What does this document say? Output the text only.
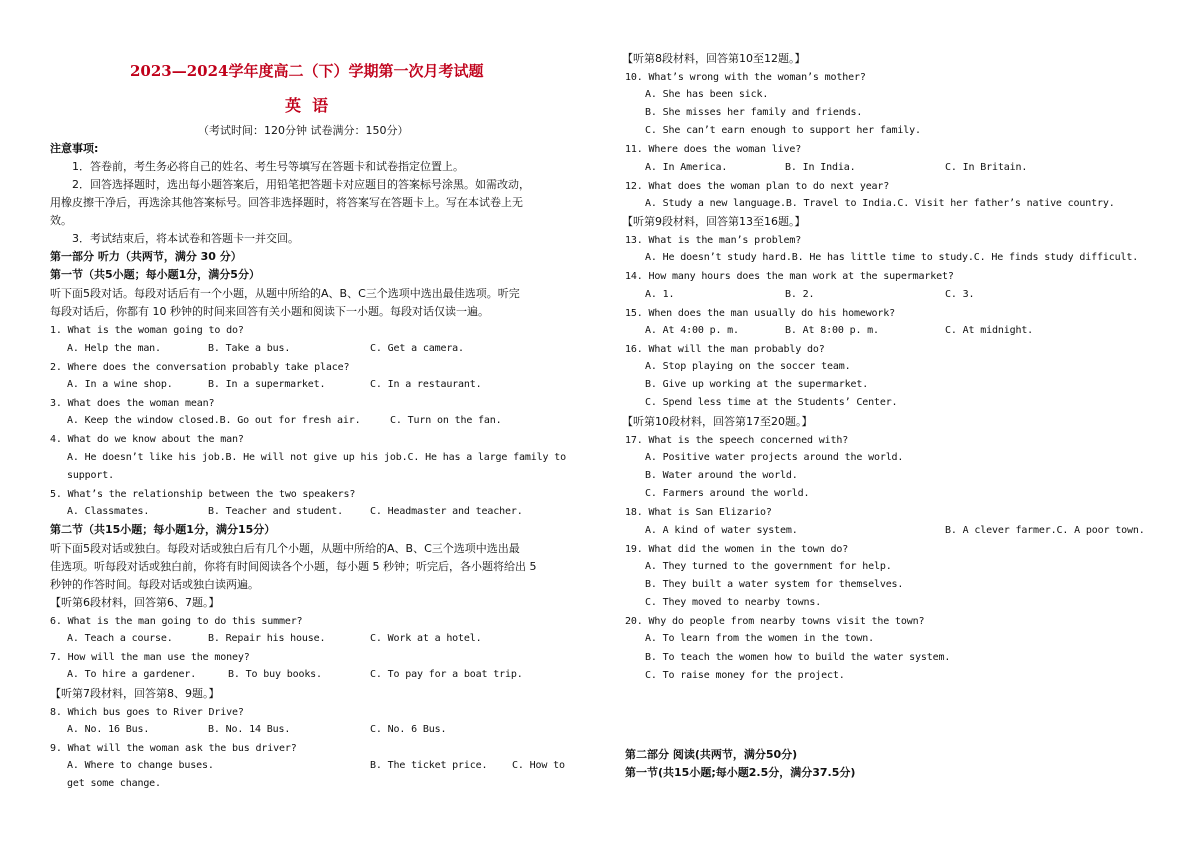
2023—2024学年度高二（下）学期第一次月考试题
英  语
（考试时间：120分钟 试卷满分：150分）
注意事项:
1．答卷前，考生务必将自己的姓名、考生号等填写在答题卡和试卷指定位置上。
2．回答选择题时，选出每小题答案后，用铅笔把答题卡对应题目的答案标号涂黑。如需改动，
用橡皮擦干净后，再选涂其他答案标号。回答非选择题时，将答案写在答题卡上。写在本试卷上无
效。
3．考试结束后，将本试卷和答题卡一并交回。
第一部分 听力（共两节，满分 30 分）
第一节（共5小题；每小题1分，满分5分）
听下面5段对话。每段对话后有一个小题，从题中所给的A、B、C三个选项中选出最佳选项。听完
每段对话后，你都有 10 秒钟的时间来回答有关小题和阅读下一小题。每段对话仅读一遍。
1. What is the woman going to do?
A. Help the man.	B. Take a bus.	C. Get a camera.
2. Where does the conversation probably take place?
A. In a wine shop.	B. In a supermarket.	C. In a restaurant.
3. What does the woman mean?
A. Keep the window closed.B. Go out for fresh air.	C. Turn on the fan.
4. What do we know about the man?
A. He doesn’t like his job.B. He will not give up his job.C. He has a large family to
support.
5. What’s the relationship between the two speakers?
A. Classmates.	B. Teacher and student.	C. Headmaster and teacher.
第二节（共15小题；每小题1分，满分15分）
听下面5段对话或独白。每段对话或独白后有几个小题，从题中所给的A、B、C三个选项中选出最
佳选项。听每段对话或独白前，你将有时间阅读各个小题，每小题 5 秒钟；听完后，各小题将给出 5
秒钟的作答时间。每段对话或独白读两遍。
【听第6段材料，回答第6、7题。】
6. What is the man going to do this summer?
A. Teach a course.	B. Repair his house.	C. Work at a hotel.
7. How will the man use the money?
A. To hire a gardener.	B. To buy books.	C. To pay for a boat trip.
【听第7段材料，回答第8、9题。】
8. Which bus goes to River Drive?
A. No. 16 Bus.	B. No. 14 Bus.	C. No. 6 Bus.
9. What will the woman ask the bus driver?
A. Where to change buses.	B. The ticket price. C. How to
get some change.
【听第8段材料，回答第10至12题。】
10. What’s wrong with the woman’s mother?
A. She has been sick.
B. She misses her family and friends.
C. She can’t earn enough to support her family.
11. Where does the woman live?
A. In America.	B. In India.	C. In Britain.
12. What does the woman plan to do next year?
A. Study a new language.B. Travel to India.C. Visit her father’s native country.
【听第9段材料，回答第13至16题。】
13. What is the man’s problem?
A. He doesn’t study hard.B. He has little time to study.C. He finds study difficult.
14. How many hours does the man work at the supermarket?
A. 1.	B. 2.	C. 3.
15. When does the man usually do his homework?
A. At 4:00 p. m.	B. At 8:00 p. m.	C. At midnight.
16. What will the man probably do?
A. Stop playing on the soccer team.
B. Give up working at the supermarket.
C. Spend less time at the Students’ Center.
【听第10段材料，回答第17至20题。】
17. What is the speech concerned with?
A. Positive water projects around the world.
B. Water around the world.
C. Farmers around the world.
18. What is San Elizario?
A. A kind of water system.	B. A clever farmer.C. A poor town.
19. What did the women in the town do?
A. They turned to the government for help.
B. They built a water system for themselves.
C. They moved to nearby towns.
20. Why do people from nearby towns visit the town?
A. To learn from the women in the town.
B. To teach the women how to build the water system.
C. To raise money for the project.
第二部分 阅读(共两节，满分50分)
第一节(共15小题;每小题2.5分，满分37.5分)
